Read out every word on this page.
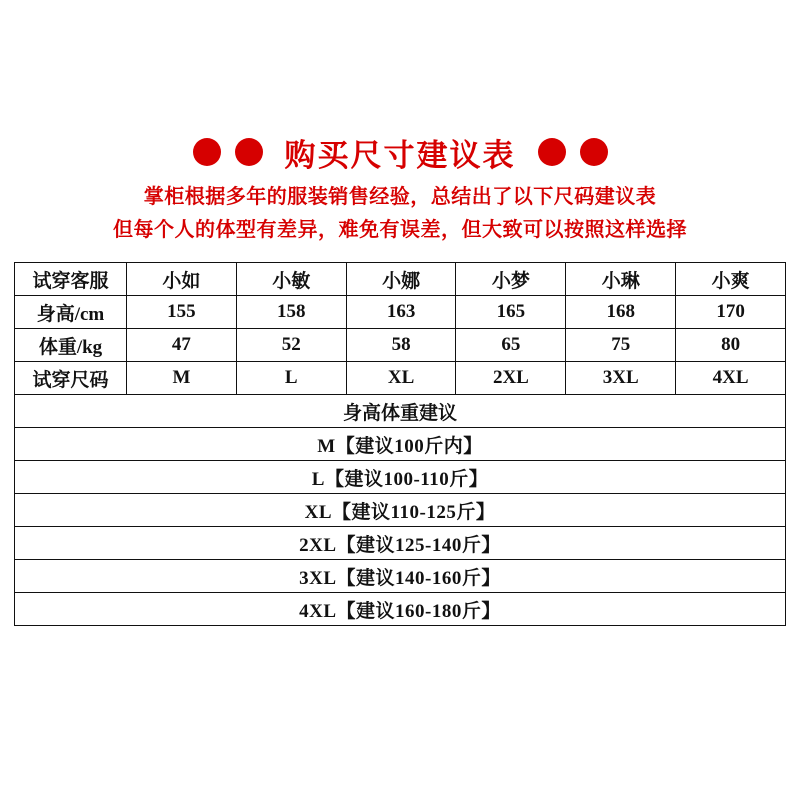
购买尺寸建议表
掌柜根据多年的服装销售经验，总结出了以下尺码建议表
但每个人的体型有差异，难免有误差，但大致可以按照这样选择
试穿客服	小如	小敏	小娜	小梦	小琳	小爽
身高/cm	155	158	163	165	168	170
体重/kg	47	52	58	65	75	80
试穿尺码	M	L	XL	2XL	3XL	4XL
身高体重建议						
M【建议100斤内】						
L【建议100-110斤】						
XL【建议110-125斤】						
2XL【建议125-140斤】						
3XL【建议140-160斤】						
4XL【建议160-180斤】						
